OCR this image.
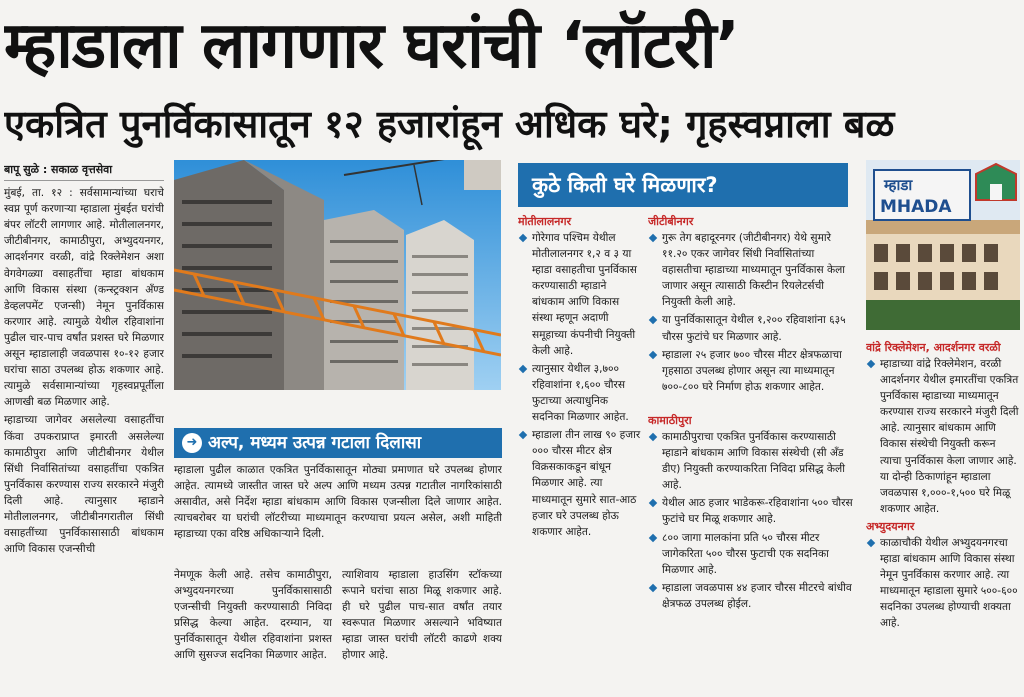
म्हाडाला लागणार घरांची ‘लॉटरी’
एकत्रित पुनर्विकासातून १२ हजारांहून अधिक घरे; गृहस्वप्नाला बळ
बापू सुळे : सकाळ वृत्तसेवा

मुंबई, ता. १२ : सर्वसामान्यांच्या घराचे स्वप्न पूर्ण करणाऱ्या म्हाडाला मुंबईत घरांची बंपर लॉटरी लागणार आहे. मोतीलालनगर, जीटीबीनगर, कामाठीपुरा, अभ्युदयनगर, आदर्शनगर वरळी, वांद्रे रिक्लेमेशन अशा वेगवेगळ्या वसाहतींचा म्हाडा बांधकाम आणि विकास संस्था (कन्स्ट्रक्शन अँण्ड डेव्हलपमेंट एजन्सी) नेमून पुनर्विकास करणार आहे. त्यामुळे येथील रहिवाशांना पुढील चार-पाच वर्षांत प्रशस्त घरे मिळणार असून म्हाडालाही जवळपास १०-१२ हजार घरांचा साठा उपलब्ध होऊ शकणार आहे. त्यामुळे सर्वसामान्यांच्या गृहस्वप्नपूर्तीला आणखी बळ मिळणार आहे.

म्हाडाच्या जागेवर असलेल्या वसाहतींचा किंवा उपकराप्राप्त इमारती असलेल्या कामाठीपुरा आणि जीटीबीनगर येथील सिंधी निर्वासितांच्या वसाहतींचा एकत्रित पुनर्विकास करण्यास राज्य सरकारने मंजुरी दिली आहे. त्यानुसार म्हाडाने मोतीलालनगर, जीटीबीनगरातील सिंधी वसाहतींच्या पुनर्विकासासाठी बांधकाम आणि विकास एजन्सीची

➜ अल्प, मध्यम उत्पन्न गटाला दिलासा

म्हाडाला पुढील काळात एकत्रित पुनर्विकासातून मोठ्या प्रमाणात घरे उपलब्ध होणार आहेत. त्यामध्ये जास्तीत जास्त घरे अल्प आणि मध्यम उत्पन्न गटातील नागरिकांसाठी असावीत, असे निर्देश म्हाडा बांधकाम आणि विकास एजन्सीला दिले जाणार आहेत. त्याचबरोबर या घरांची लॉटरीच्या माध्यमातून करण्याचा प्रयत्न असेल, अशी माहिती म्हाडाच्या एका वरिष्ठ अधिकाऱ्याने दिली.

नेमणूक केली आहे. तसेच कामाठीपुरा, अभ्युदयनगरच्या पुनर्विकासासाठी एजन्सीची नियुक्ती करण्यासाठी निविदा प्रसिद्ध केल्या आहेत. दरम्यान, या पुनर्विकासातून येथील रहिवाशांना प्रशस्त आणि सुसज्ज सदनिका मिळणार आहेत.

त्याशिवाय म्हाडाला हाउसिंग स्टॉकच्या रूपाने घरांचा साठा मिळू शकणार आहे. ही घरे पुढील पाच-सात वर्षांत तयार स्वरूपात मिळणार असल्याने भविष्यात म्हाडा जास्त घरांची लॉटरी काढणे शक्य होणार आहे.

कुठे किती घरे मिळणार?
मोतीलालनगर

गोरेगाव पश्चिम येथील मोतीलालनगर १,२ व ३ या म्हाडा वसाहतीचा पुनर्विकास करण्यासाठी म्हाडाने बांधकाम आणि विकास संस्था म्हणून अदाणी समूहाच्या कंपनीची नियुक्ती केली आहे.

त्यानुसार येथील ३,७०० रहिवाशांना १,६०० चौरस फुटाच्या अत्याधुनिक सदनिका मिळणार आहेत.

म्हाडाला तीन लाख ९० हजार ००० चौरस मीटर क्षेत्र विक्रसकाकडून बांधून मिळणार आहे. त्या माध्यमातून सुमारे सात-आठ हजार घरे उपलब्ध होऊ शकणार आहेत.

जीटीबीनगर

गुरू तेग बहादूरनगर (जीटीबीनगर) येथे सुमारे ११.२० एकर जागेवर सिंधी निर्वासितांच्या वहासतीचा म्हाडाच्या माध्यमातून पुनर्विकास केला जाणार असून त्यासाठी किस्टीन रियलेटर्सची नियुक्ती केली आहे.

या पुनर्विकासातून येथील १,२०० रहिवाशांना ६३५ चौरस फुटांचे घर मिळणार आहे.

म्हाडाला २५ हजार ७०० चौरस मीटर क्षेत्रफळाचा गृहसाठा उपलब्ध होणार असून त्या माध्यमातून ७००-८०० घरे निर्माण होऊ शकणार आहेत.

कामाठीपुरा

कामाठीपुराचा एकत्रित पुनर्विकास करण्यासाठी म्हाडाने बांधकाम आणि विकास संस्थेची (सी अँड डीए) नियुक्ती करण्याकरिता निविदा प्रसिद्ध केली आहे.

येथील आठ हजार भाडेकरू-रहिवाशांना ५०० चौरस फुटांचे घर मिळू शकणार आहे.

८०० जागा मालकांना प्रति ५० चौरस मीटर जागेकरिता ५०० चौरस फुटाची एक सदनिका मिळणार आहे.

म्हाडाला जवळपास ४४ हजार चौरस मीटरचे बांधीव क्षेत्रफळ उपलब्ध होईल.

म्हाडा
MHADA
वांद्रे रिक्लेमेशन, आदर्शनगर वरळी

म्हाडाच्या वांद्रे रिक्लेमेशन, वरळी आदर्शनगर येथील इमारतींचा एकत्रित पुनर्विकास म्हाडाच्या माध्यमातून करण्यास राज्य सरकारने मंजुरी दिली आहे. त्यानुसार बांधकाम आणि विकास संस्थेची नियुक्ती करून त्याचा पुनर्विकास केला जाणार आहे. या दोन्ही ठिकाणांहून म्हाडाला जवळपास १,०००-१,५०० घरे मिळू शकणार आहेत.

अभ्युदयनगर

काळाचौकी येथील अभ्युदयनगरचा म्हाडा बांधकाम आणि विकास संस्था नेमून पुनर्विकास करणार आहे. त्या माध्यमातून म्हाडाला सुमारे ५००-६०० सदनिका उपलब्ध होण्याची शक्यता आहे.
